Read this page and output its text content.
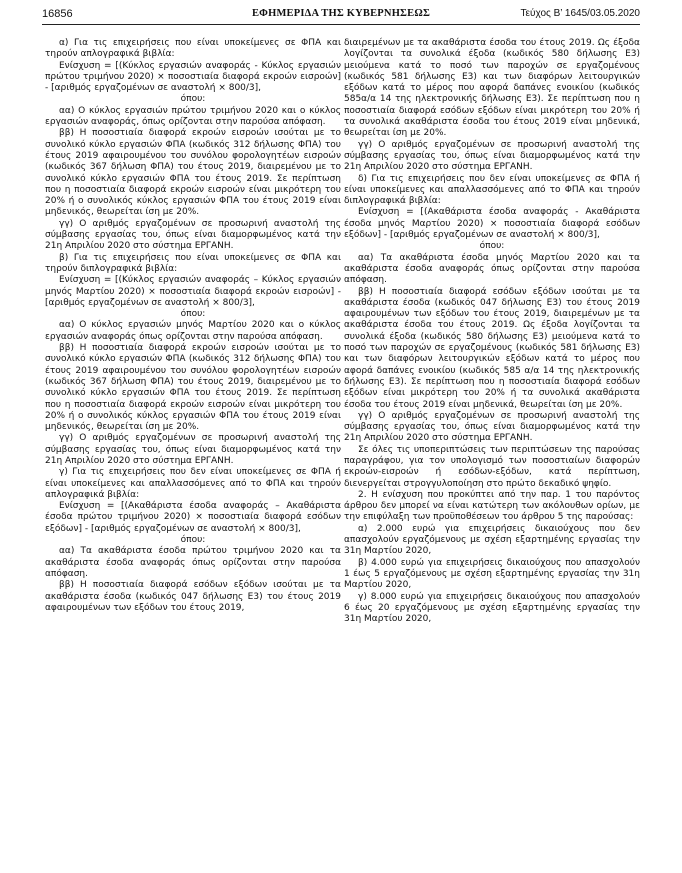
16856	ΕΦΗΜΕΡΙΔΑ ΤΗΣ ΚΥΒΕΡΝΗΣΕΩΣ	Τεύχος Β’ 1645/03.05.2020

α) Για τις επιχειρήσεις που είναι υποκείμενες σε ΦΠΑ και τηρούν απλογραφικά βιβλία:

Ενίσχυση = [(Κύκλος εργασιών αναφοράς - Κύκλος εργασιών πρώτου τριμήνου 2020) × ποσοστιαία διαφορά εκροών εισροών] - [αριθμός εργαζομένων σε αναστολή × 800/3],

όπου:

αα) Ο κύκλος εργασιών πρώτου τριμήνου 2020 και ο κύκλος εργασιών αναφοράς, όπως ορίζονται στην παρούσα απόφαση.

ββ) Η ποσοστιαία διαφορά εκροών εισροών ισούται με το συνολικό κύκλο εργασιών ΦΠΑ (κωδικός 312 δήλωσης ΦΠΑ) του έτους 2019 αφαιρουμένου του συνόλου φορολογητέων εισροών (κωδικός 367 δήλωση ΦΠΑ) του έτους 2019, διαιρεμένου με το συνολικό κύκλο εργασιών ΦΠΑ του έτους 2019. Σε περίπτωση που η ποσοστιαία διαφορά εκροών εισροών είναι μικρότερη του 20% ή ο συνολικός κύκλος εργασιών ΦΠΑ του έτους 2019 είναι μηδενικός, θεωρείται ίση με 20%.

γγ) Ο αριθμός εργαζομένων σε προσωρινή αναστολή της σύμβασης εργασίας του, όπως είναι διαμορφωμένος κατά την 21η Απριλίου 2020 στο σύστημα ΕΡΓΑΝΗ.

β) Για τις επιχειρήσεις που είναι υποκείμενες σε ΦΠΑ και τηρούν διπλογραφικά βιβλία:

Ενίσχυση = [(Κύκλος εργασιών αναφοράς – Κύκλος εργασιών μηνός Μαρτίου 2020) × ποσοστιαία διαφορά εκροών εισροών] - [αριθμός εργαζομένων σε αναστολή × 800/3],

όπου:

αα) Ο κύκλος εργασιών μηνός Μαρτίου 2020 και ο κύκλος εργασιών αναφοράς όπως ορίζονται στην παρούσα απόφαση.

ββ) Η ποσοστιαία διαφορά εκροών εισροών ισούται με το συνολικό κύκλο εργασιών ΦΠΑ (κωδικός 312 δήλωσης ΦΠΑ) του έτους 2019 αφαιρουμένου του συνόλου φορολογητέων εισροών (κωδικός 367 δήλωση ΦΠΑ) του έτους 2019, διαιρεμένου με το συνολικό κύκλο εργασιών ΦΠΑ του έτους 2019. Σε περίπτωση που η ποσοστιαία διαφορά εκροών εισροών είναι μικρότερη του 20% ή ο συνολικός κύκλος εργασιών ΦΠΑ του έτους 2019 είναι μηδενικός, θεωρείται ίση με 20%.

γγ) Ο αριθμός εργαζομένων σε προσωρινή αναστολή της σύμβασης εργασίας του, όπως είναι διαμορφωμένος κατά την 21η Απριλίου 2020 στο σύστημα ΕΡΓΑΝΗ.

γ) Για τις επιχειρήσεις που δεν είναι υποκείμενες σε ΦΠΑ ή είναι υποκείμενες και απαλλασσόμενες από το ΦΠΑ και τηρούν απλογραφικά βιβλία:

Ενίσχυση = [(Ακαθάριστα έσοδα αναφοράς – Ακαθάριστα έσοδα πρώτου τριμήνου 2020) × ποσοστιαία διαφορά εσόδων εξόδων] - [αριθμός εργαζομένων σε αναστολή × 800/3],

όπου:

αα) Τα ακαθάριστα έσοδα πρώτου τριμήνου 2020 και τα ακαθάριστα έσοδα αναφοράς όπως ορίζονται στην παρούσα απόφαση.

ββ) Η ποσοστιαία διαφορά εσόδων εξόδων ισούται με τα ακαθάριστα έσοδα (κωδικός 047 δήλωσης Ε3) του έτους 2019 αφαιρουμένων των εξόδων του έτους 2019,

διαιρεμένων με τα ακαθάριστα έσοδα του έτους 2019. Ως έξοδα λογίζονται τα συνολικά έξοδα (κωδικός 580 δήλωσης Ε3) μειούμενα κατά το ποσό των παροχών σε εργαζομένους (κωδικός 581 δήλωσης Ε3) και των διαφόρων λειτουργικών εξόδων κατά το μέρος που αφορά δαπάνες ενοικίου (κωδικός 585α/α 14 της ηλεκτρονικής δήλωσης Ε3). Σε περίπτωση που η ποσοστιαία διαφορά εσόδων εξόδων είναι μικρότερη του 20% ή τα συνολικά ακαθάριστα έσοδα του έτους 2019 είναι μηδενικά, θεωρείται ίση με 20%.

γγ) Ο αριθμός εργαζομένων σε προσωρινή αναστολή της σύμβασης εργασίας του, όπως είναι διαμορφωμένος κατά την 21η Απριλίου 2020 στο σύστημα ΕΡΓΑΝΗ.

δ) Για τις επιχειρήσεις που δεν είναι υποκείμενες σε ΦΠΑ ή είναι υποκείμενες και απαλλασσόμενες από το ΦΠΑ και τηρούν διπλογραφικά βιβλία:

Ενίσχυση = [(Ακαθάριστα έσοδα αναφοράς - Ακαθάριστα έσοδα μηνός Μαρτίου 2020) × ποσοστιαία διαφορά εσόδων εξόδων] - [αριθμός εργαζομένων σε αναστολή × 800/3],

όπου:

αα) Τα ακαθάριστα έσοδα μηνός Μαρτίου 2020 και τα ακαθάριστα έσοδα αναφοράς όπως ορίζονται στην παρούσα απόφαση.

ββ) Η ποσοστιαία διαφορά εσόδων εξόδων ισούται με τα ακαθάριστα έσοδα (κωδικός 047 δήλωσης Ε3) του έτους 2019 αφαιρουμένων των εξόδων του έτους 2019, διαιρεμένων με τα ακαθάριστα έσοδα του έτους 2019. Ως έξοδα λογίζονται τα συνολικά έξοδα (κωδικός 580 δήλωσης Ε3) μειούμενα κατά το ποσό των παροχών σε εργαζομένους (κωδικός 581 δήλωσης Ε3) και των διαφόρων λειτουργικών εξόδων κατά το μέρος που αφορά δαπάνες ενοικίου (κωδικός 585 α/α 14 της ηλεκτρονικής δήλωσης Ε3). Σε περίπτωση που η ποσοστιαία διαφορά εσόδων εξόδων είναι μικρότερη του 20% ή τα συνολικά ακαθάριστα έσοδα του έτους 2019 είναι μηδενικά, θεωρείται ίση με 20%.

γγ) Ο αριθμός εργαζομένων σε προσωρινή αναστολή της σύμβασης εργασίας του, όπως είναι διαμορφωμένος κατά την 21η Απριλίου 2020 στο σύστημα ΕΡΓΑΝΗ.

Σε όλες τις υποπεριπτώσεις των περιπτώσεων της παρούσας παραγράφου, για τον υπολογισμό των ποσοστιαίων διαφορών εκροών-εισροών ή εσόδων-εξόδων, κατά περίπτωση, διενεργείται στρογγυλοποίηση στο πρώτο δεκαδικό ψηφίο.

2. Η ενίσχυση που προκύπτει από την παρ. 1 του παρόντος άρθρου δεν μπορεί να είναι κατώτερη των ακόλουθων ορίων, με την επιφύλαξη των προϋποθέσεων του άρθρου 5 της παρούσας:

α) 2.000 ευρώ για επιχειρήσεις δικαιούχους που δεν απασχολούν εργαζόμενους με σχέση εξαρτημένης εργασίας την 31η Μαρτίου 2020,

β) 4.000 ευρώ για επιχειρήσεις δικαιούχους που απασχολούν 1 έως 5 εργαζόμενους με σχέση εξαρτημένης εργασίας την 31η Μαρτίου 2020,

γ) 8.000 ευρώ για επιχειρήσεις δικαιούχους που απασχολούν 6 έως 20 εργαζόμενους με σχέση εξαρτημένης εργασίας την 31η Μαρτίου 2020,
